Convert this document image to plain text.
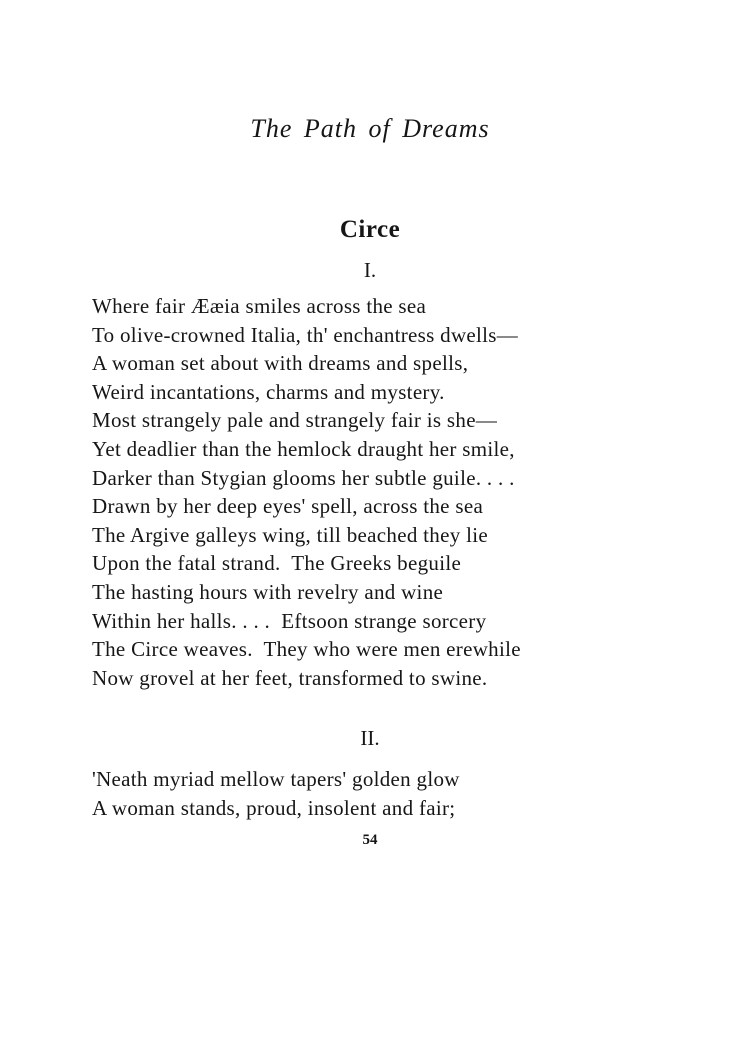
The Path of Dreams
Circe
I.
Where fair Ææia smiles across the sea
To olive-crowned Italia, th' enchantress dwells—
A woman set about with dreams and spells,
Weird incantations, charms and mystery.
Most strangely pale and strangely fair is she—
Yet deadlier than the hemlock draught her smile,
Darker than Stygian glooms her subtle guile. . . .
Drawn by her deep eyes' spell, across the sea
The Argive galleys wing, till beached they lie
Upon the fatal strand.  The Greeks beguile
The hasting hours with revelry and wine
Within her halls. . . .  Eftsoon strange sorcery
The Circe weaves.  They who were men erewhile
Now grovel at her feet, transformed to swine.
II.
'Neath myriad mellow tapers' golden glow
A woman stands, proud, insolent and fair;
54
